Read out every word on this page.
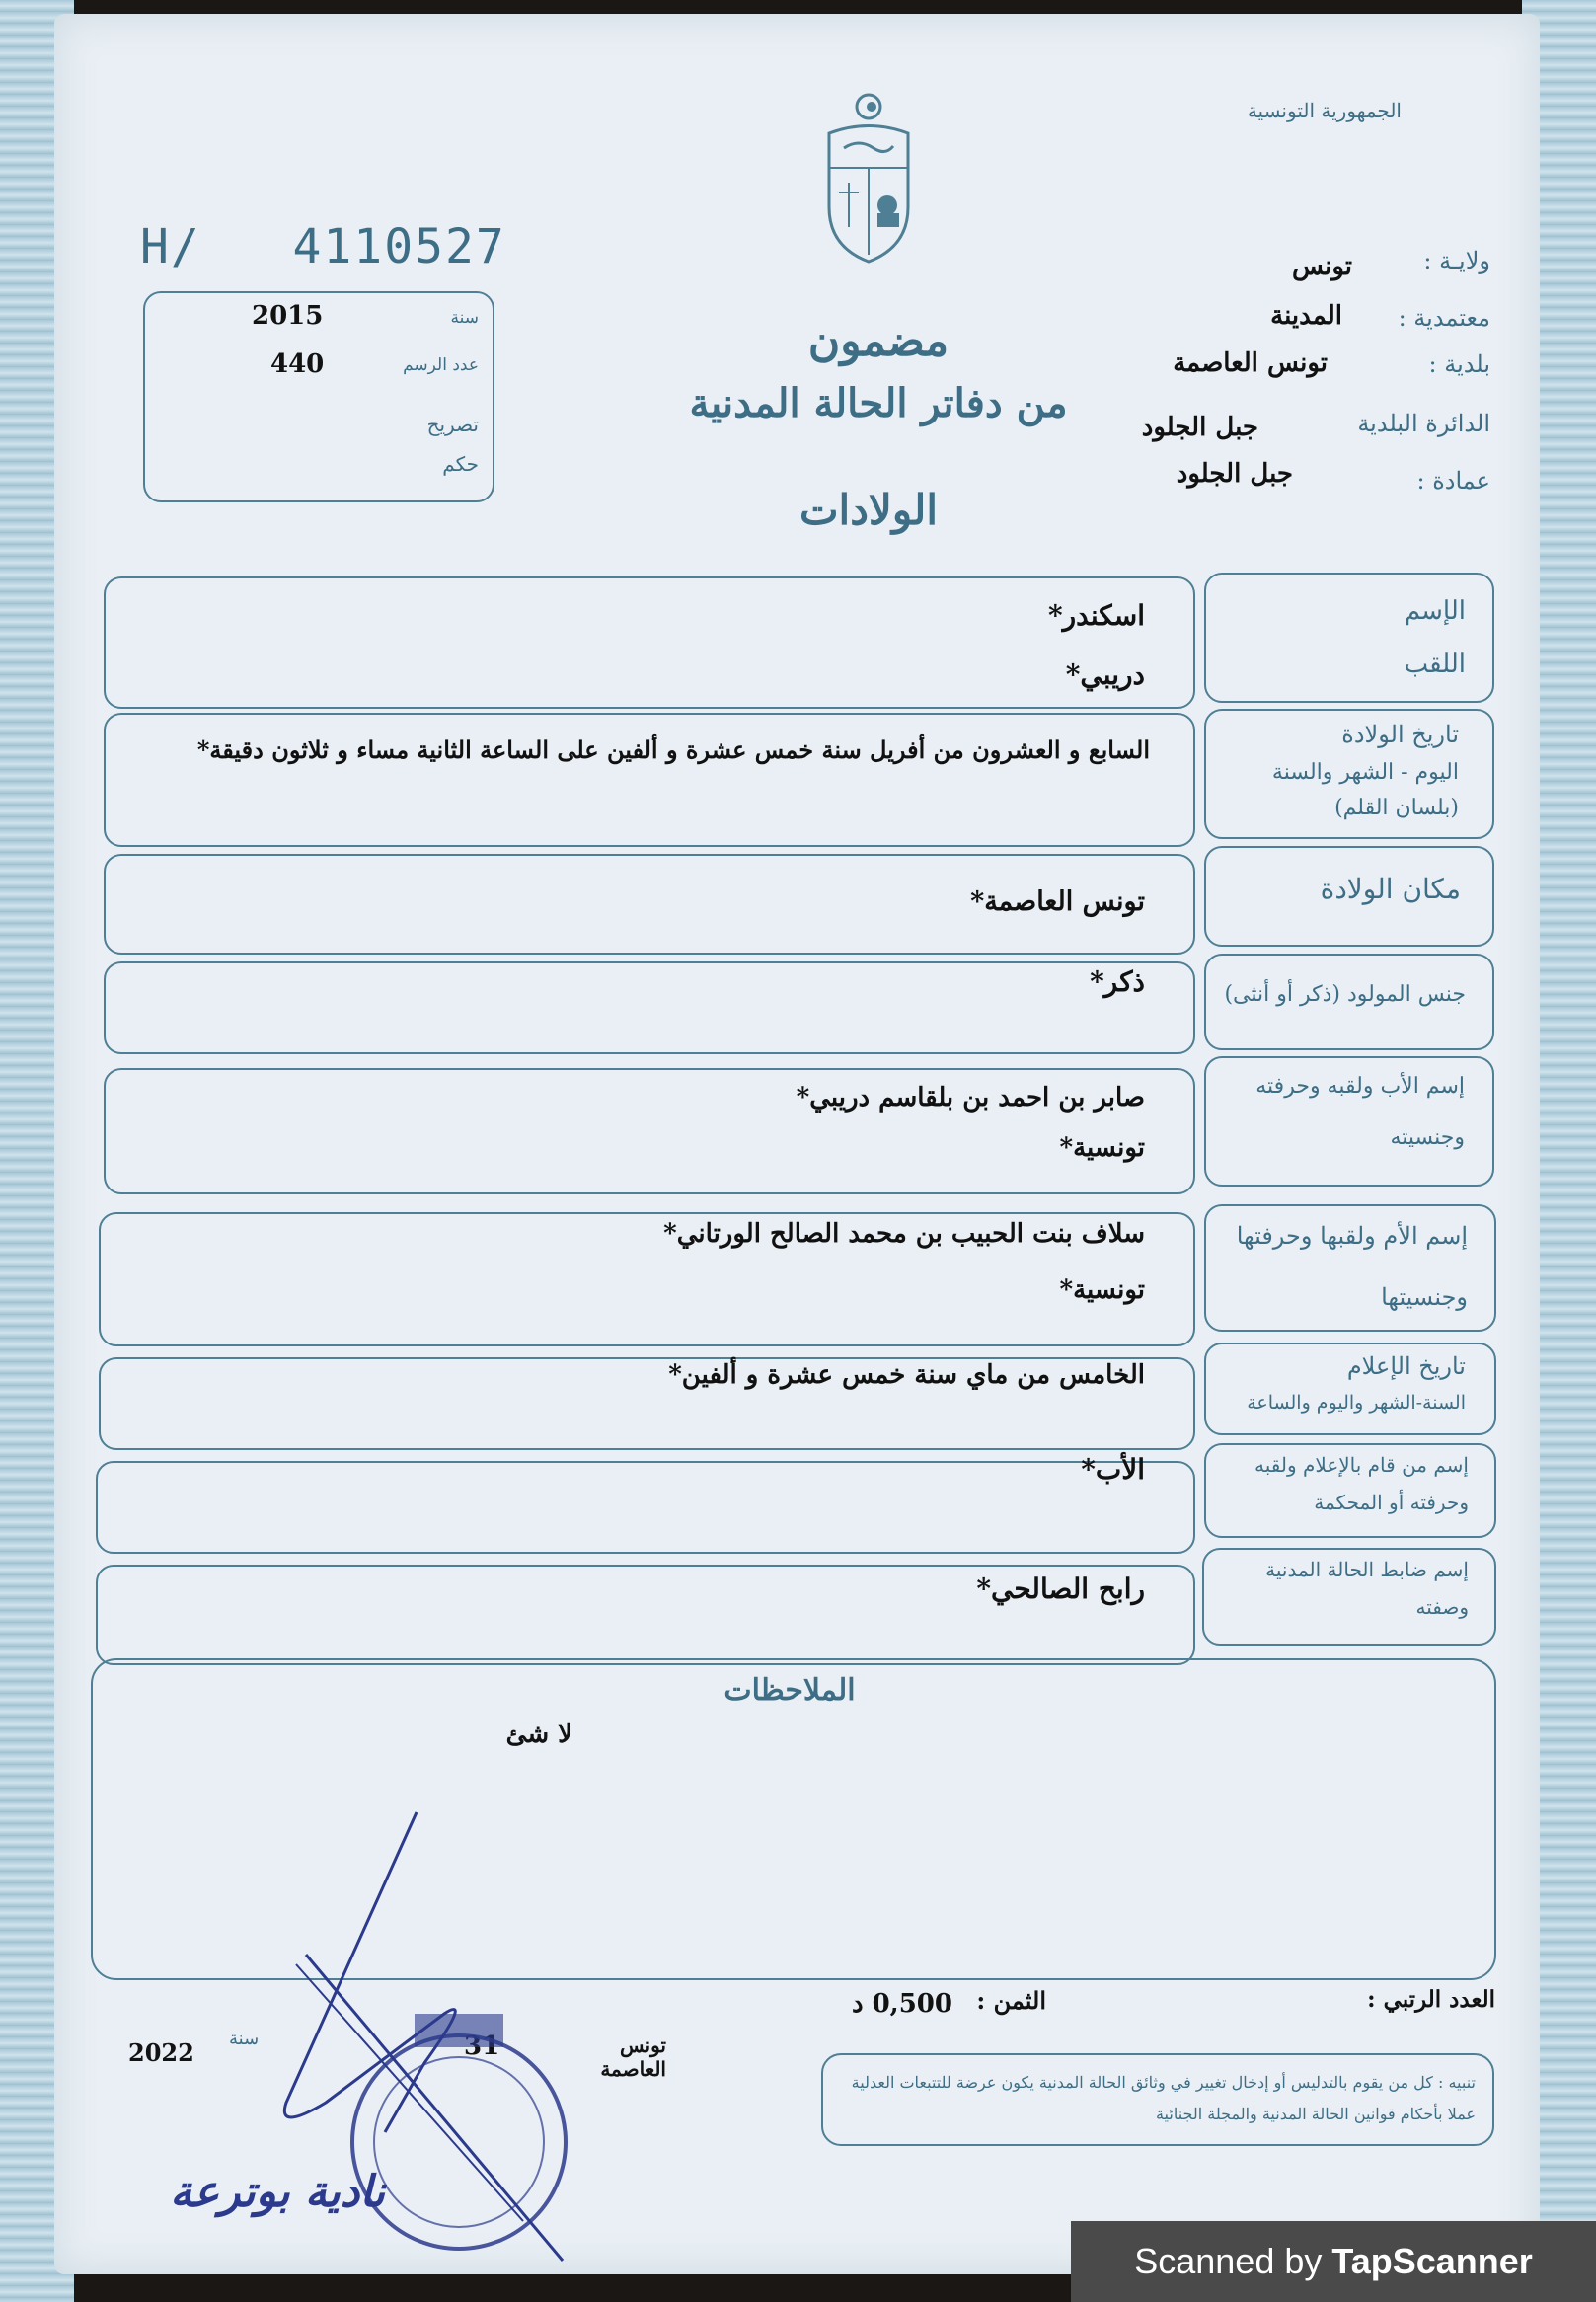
الجمهورية التونسية
H/   4110527
2015	سنة
440	عدد الرسم
تصريح
حكم
مضمون
من دفاتر الحالة المدنية
الولادات
ولايـة :
تونس
معتمدية :
المدينة
بلدية :
تونس العاصمة
الدائرة البلدية
جبل الجلود
عمادة :
جبل الجلود
الإسم
اللقب
اسكندر*
دريبي*
تاريخ الولادة
اليوم - الشهر والسنة
(بلسان القلم)
السابع و العشرون من أفريل سنة خمس عشرة و ألفين على الساعة الثانية مساء و ثلاثون دقيقة*
مكان الولادة
تونس العاصمة*
جنس المولود (ذكر أو أنثى)
ذكر*
إسم الأب ولقبه وحرفته
وجنسيته
صابر بن احمد بن بلقاسم دريبي*
تونسية*
إسم الأم ولقبها وحرفتها
وجنسيتها
سلاف بنت الحبيب بن محمد الصالح الورتاني*
تونسية*
تاريخ الإعلام
السنة-الشهر واليوم والساعة
الخامس من ماي سنة خمس عشرة و ألفين*
إسم من قام بالإعلام ولقبه
وحرفته أو المحكمة
الأب*
إسم ضابط الحالة المدنية
وصفته
رابح الصالحي*
الملاحظات
لا شئ
العدد الرتبي :
الثمن :
0,500 د
تونس العاصمة
سنة
2022
تنبيه : كل من يقوم بالتدليس أو إدخال تغيير في وثائق الحالة المدنية يكون عرضة للتتبعات العدلية عملا بأحكام قوانين الحالة المدنية والمجلة الجنائية
نادية بوترعة
Scanned by TapScanner
